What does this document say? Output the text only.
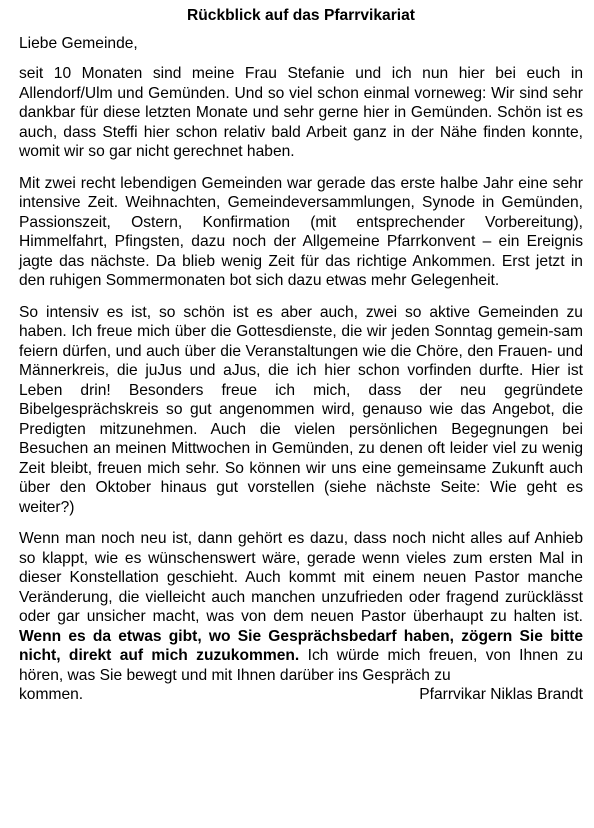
Rückblick auf das Pfarrvikariat
Liebe Gemeinde,

seit 10 Monaten sind meine Frau Stefanie und ich nun hier bei euch in Allendorf/Ulm und Gemünden. Und so viel schon einmal vorneweg: Wir sind sehr dankbar für diese letzten Monate und sehr gerne hier in Gemünden. Schön ist es auch, dass Steffi hier schon relativ bald Arbeit ganz in der Nähe finden konnte, womit wir so gar nicht gerechnet haben.

Mit zwei recht lebendigen Gemeinden war gerade das erste halbe Jahr eine sehr intensive Zeit. Weihnachten, Gemeindeversammlungen, Synode in Gemünden, Passionszeit, Ostern, Konfirmation (mit entsprechender Vorbereitung), Himmelfahrt, Pfingsten, dazu noch der Allgemeine Pfarrkonvent – ein Ereignis jagte das nächste. Da blieb wenig Zeit für das richtige Ankommen. Erst jetzt in den ruhigen Sommermonaten bot sich dazu etwas mehr Gelegenheit.

So intensiv es ist, so schön ist es aber auch, zwei so aktive Gemeinden zu haben. Ich freue mich über die Gottesdienste, die wir jeden Sonntag gemein-sam feiern dürfen, und auch über die Veranstaltungen wie die Chöre, den Frauen- und Männerkreis, die juJus und aJus, die ich hier schon vorfinden durfte. Hier ist Leben drin! Besonders freue ich mich, dass der neu gegründete Bibelgesprächskreis so gut angenommen wird, genauso wie das Angebot, die Predigten mitzunehmen. Auch die vielen persönlichen Begegnungen bei Besuchen an meinen Mittwochen in Gemünden, zu denen oft leider viel zu wenig Zeit bleibt, freuen mich sehr. So können wir uns eine gemeinsame Zukunft auch über den Oktober hinaus gut vorstellen (siehe nächste Seite: Wie geht es weiter?)

Wenn man noch neu ist, dann gehört es dazu, dass noch nicht alles auf Anhieb so klappt, wie es wünschenswert wäre, gerade wenn vieles zum ersten Mal in dieser Konstellation geschieht. Auch kommt mit einem neuen Pastor manche Veränderung, die vielleicht auch manchen unzufrieden oder fragend zurücklässt oder gar unsicher macht, was von dem neuen Pastor überhaupt zu halten ist. Wenn es da etwas gibt, wo Sie Gesprächsbedarf haben, zögern Sie bitte nicht, direkt auf mich zuzukommen. Ich würde mich freuen, von Ihnen zu hören, was Sie bewegt und mit Ihnen darüber ins Gespräch zu

kommen.	Pfarrvikar Niklas Brandt
